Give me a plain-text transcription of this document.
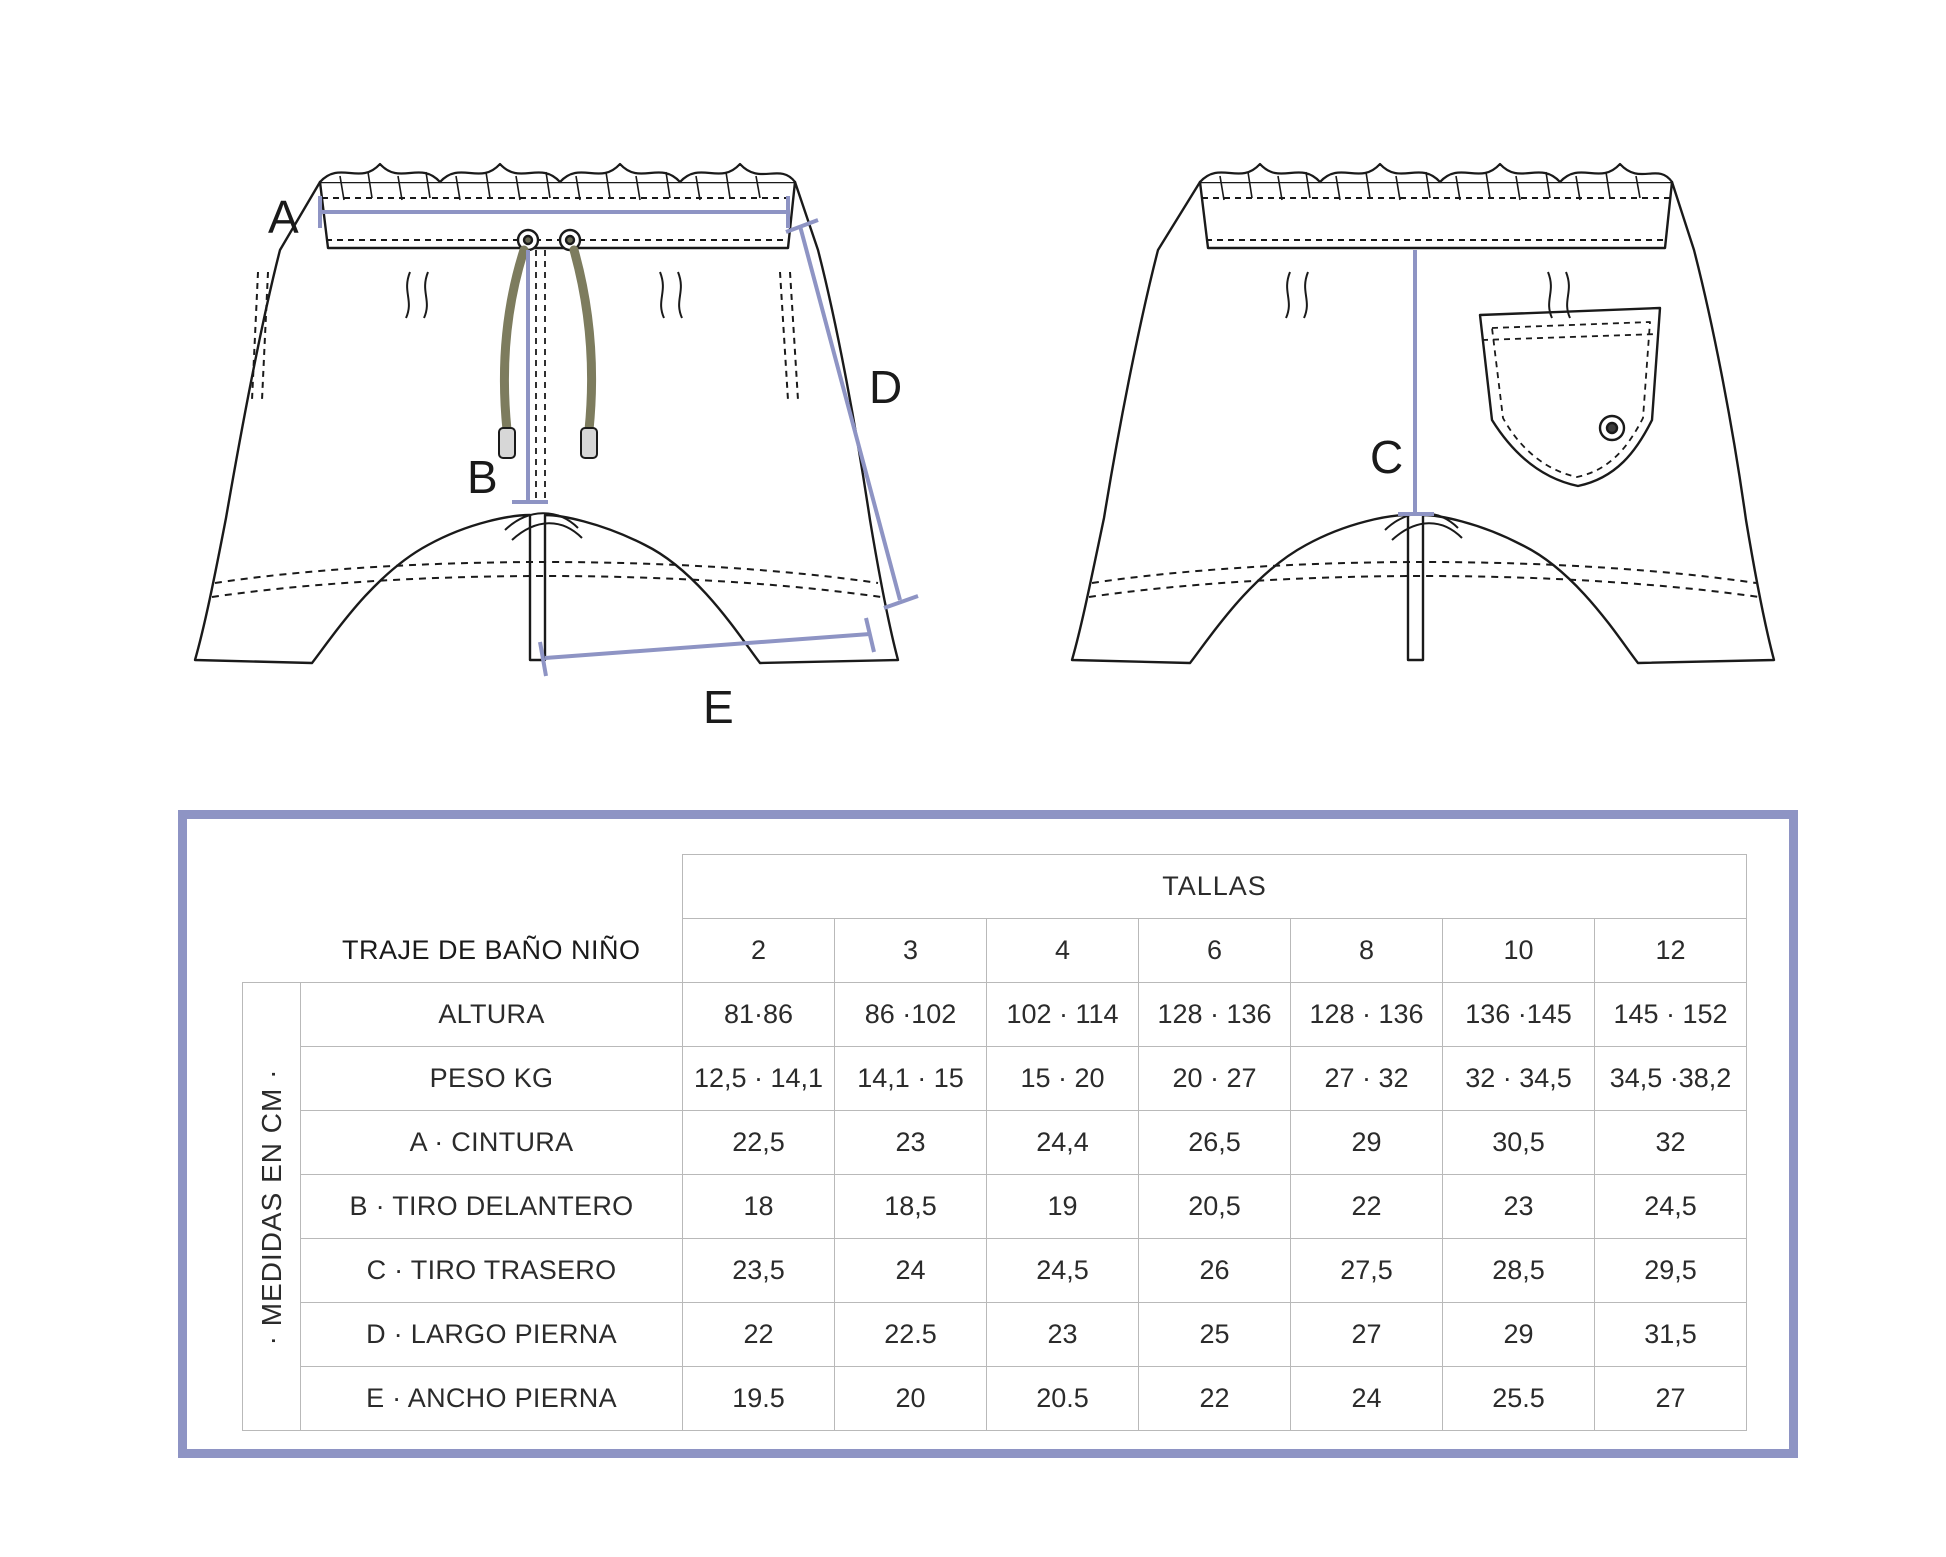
A
B
D
E
C
		TALLAS						
	TRAJE DE BAÑO NIÑO	2	3	4	6	8	10	12

· MEDIDAS EN CM ·	ALTURA	81·86	86 ·102	102 · 114	128 · 136	128 · 136	136 ·145	145 · 152
	PESO KG	12,5 · 14,1	14,1 · 15	15 · 20	20 · 27	27 · 32	32 · 34,5	34,5 ·38,2
	A · CINTURA	22,5	23	24,4	26,5	29	30,5	32
	B · TIRO DELANTERO	18	18,5	19	20,5	22	23	24,5
	C · TIRO TRASERO	23,5	24	24,5	26	27,5	28,5	29,5
	D · LARGO PIERNA	22	22.5	23	25	27	29	31,5
	E · ANCHO PIERNA	19.5	20	20.5	22	24	25.5	27
